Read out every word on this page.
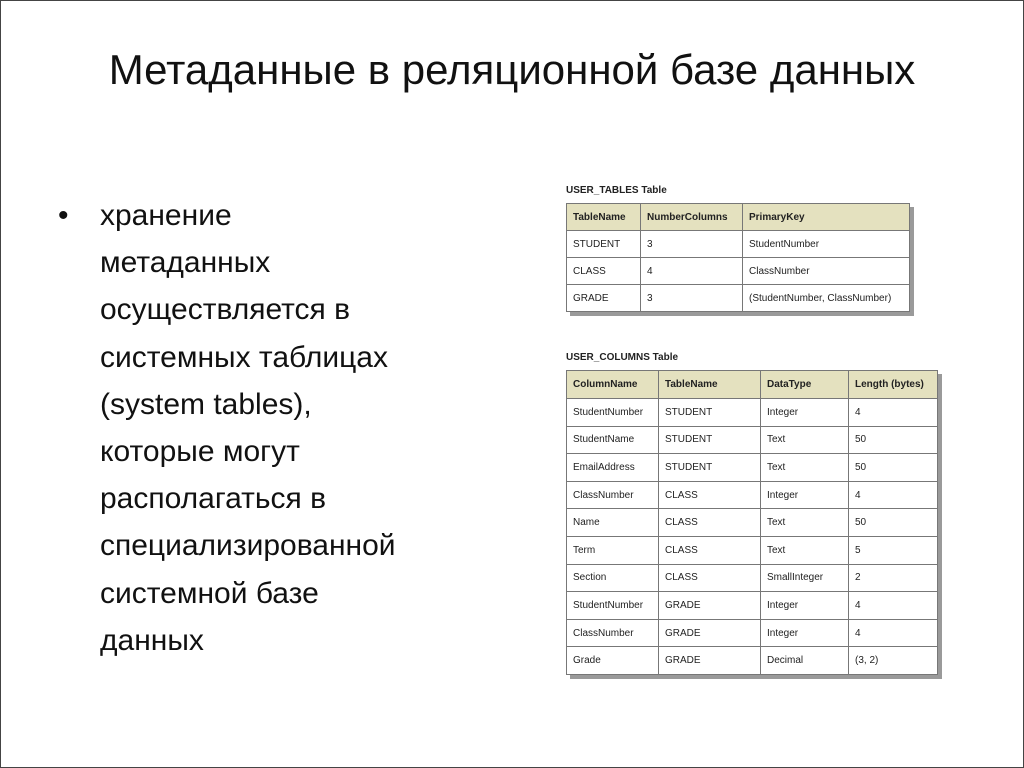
Метаданные в реляционной базе данных
• хранение
метаданных
осуществляется в
системных таблицах
(system tables),
которые могут
располагаться в
специализированной
системной базе
данных
USER_TABLES Table
TableName	NumberColumns	PrimaryKey
STUDENT	3	StudentNumber
CLASS	4	ClassNumber
GRADE	3	(StudentNumber, ClassNumber)
USER_COLUMNS Table
ColumnName	TableName	DataType	Length (bytes)
StudentNumber	STUDENT	Integer	4
StudentName	STUDENT	Text	50
EmailAddress	STUDENT	Text	50
ClassNumber	CLASS	Integer	4
Name	CLASS	Text	50
Term	CLASS	Text	5
Section	CLASS	SmallInteger	2
StudentNumber	GRADE	Integer	4
ClassNumber	GRADE	Integer	4
Grade	GRADE	Decimal	(3, 2)
